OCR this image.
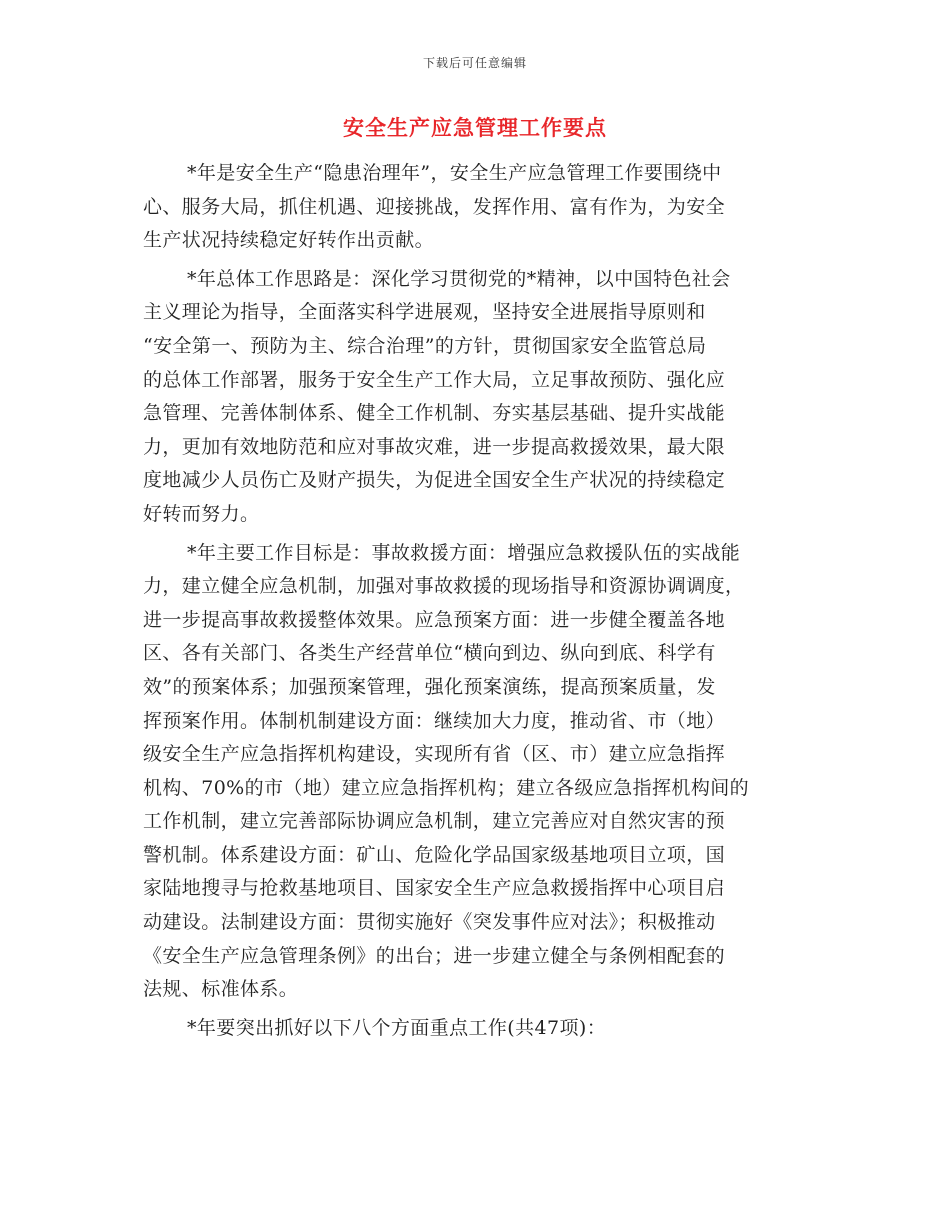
下载后可任意编辑
安全生产应急管理工作要点
*年是安全生产“隐患治理年”，安全生产应急管理工作要围绕中
心、服务大局，抓住机遇、迎接挑战，发挥作用、富有作为，为安全
生产状况持续稳定好转作出贡献。
*年总体工作思路是：深化学习贯彻党的*精神，以中国特色社会
主义理论为指导，全面落实科学进展观，坚持安全进展指导原则和
“安全第一、预防为主、综合治理”的方针，贯彻国家安全监管总局
的总体工作部署，服务于安全生产工作大局，立足事故预防、强化应
急管理、完善体制体系、健全工作机制、夯实基层基础、提升实战能
力，更加有效地防范和应对事故灾难，进一步提高救援效果，最大限
度地减少人员伤亡及财产损失，为促进全国安全生产状况的持续稳定
好转而努力。
*年主要工作目标是：事故救援方面：增强应急救援队伍的实战能
力，建立健全应急机制，加强对事故救援的现场指导和资源协调调度，
进一步提高事故救援整体效果。应急预案方面：进一步健全覆盖各地
区、各有关部门、各类生产经营单位“横向到边、纵向到底、科学有
效”的预案体系；加强预案管理，强化预案演练，提高预案质量，发
挥预案作用。体制机制建设方面：继续加大力度，推动省、市（地）
级安全生产应急指挥机构建设，实现所有省（区、市）建立应急指挥
机构、70%的市（地）建立应急指挥机构；建立各级应急指挥机构间的
工作机制，建立完善部际协调应急机制，建立完善应对自然灾害的预
警机制。体系建设方面：矿山、危险化学品国家级基地项目立项，国
家陆地搜寻与抢救基地项目、国家安全生产应急救援指挥中心项目启
动建设。法制建设方面：贯彻实施好《突发事件应对法》；积极推动
《安全生产应急管理条例》的出台；进一步建立健全与条例相配套的
法规、标准体系。
*年要突出抓好以下八个方面重点工作(共47项)：
